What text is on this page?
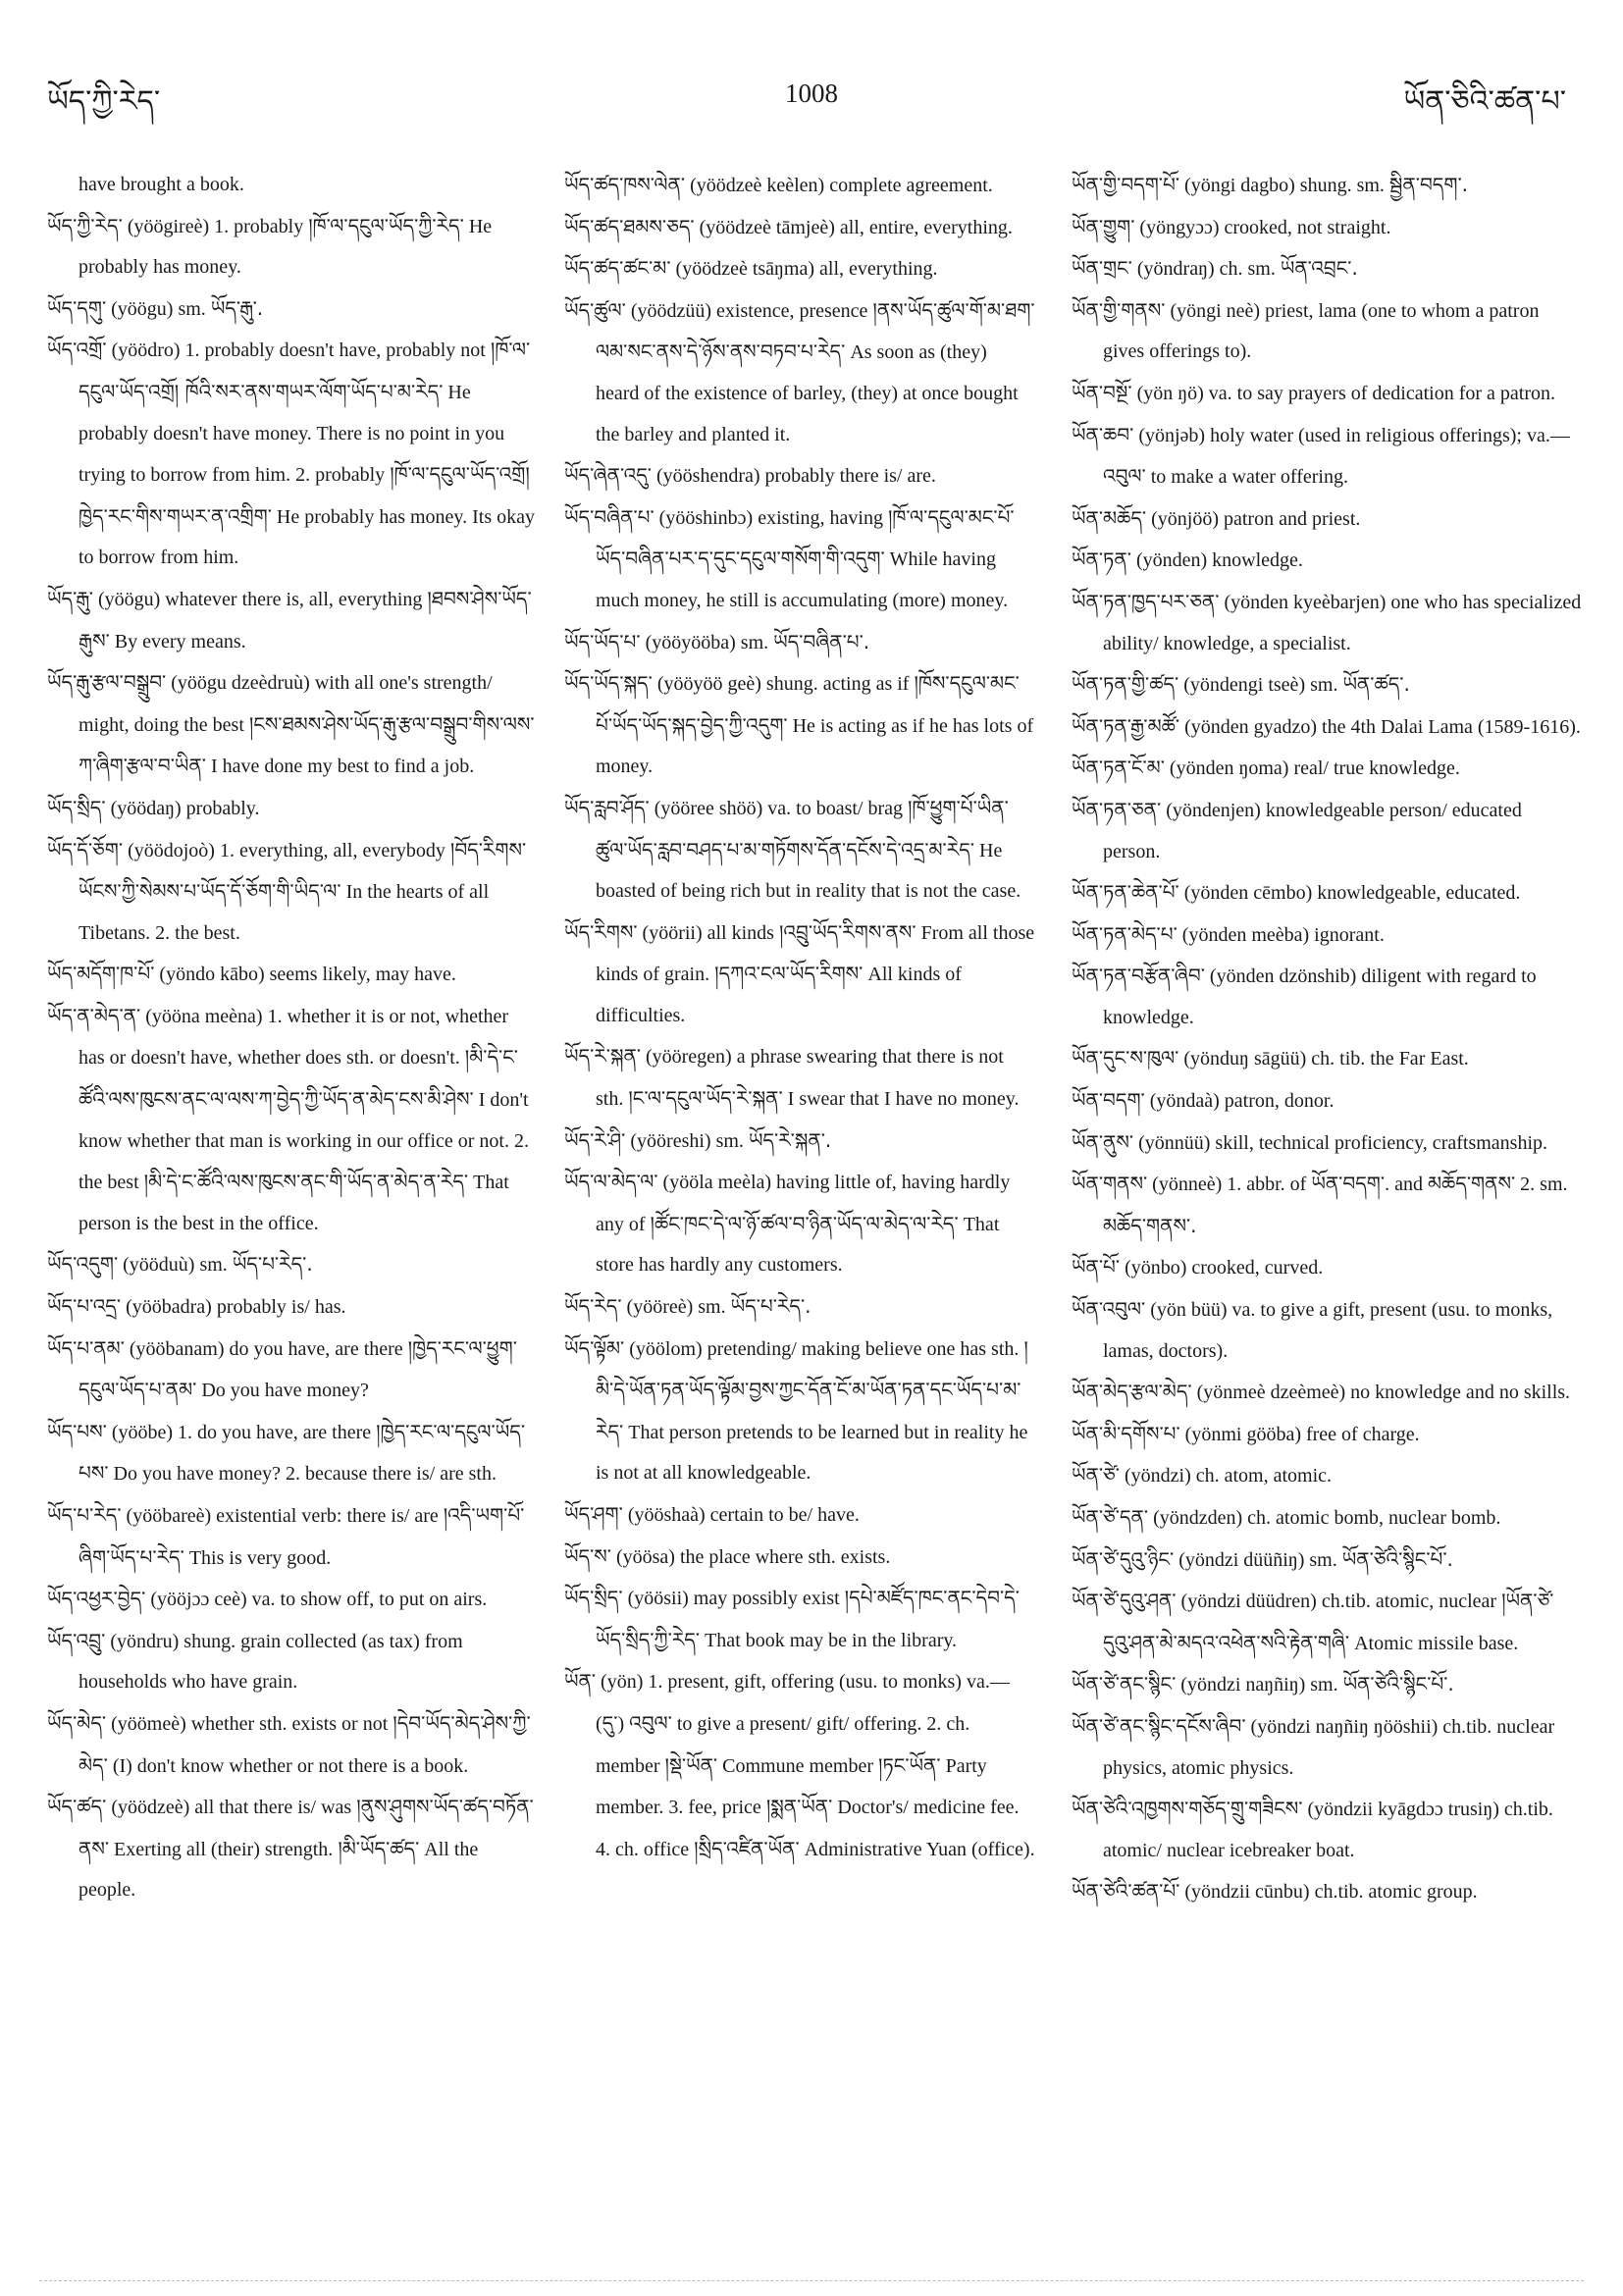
ཡོད་ཀྱི་རེད་	1008	ཡོན་ཅིའི་ཚན་པ་

have brought a book.

ཡོད་ཀྱི་རེད་ (yöögireè) 1. probably །ཁོ་ལ་དངུལ་ཡོད་ཀྱི་རེད་ He probably has money.

ཡོད་དགུ་ (yöögu) sm. ཡོད་རྒུ་.

ཡོད་འགྲོ་ (yöödro) 1. probably doesn't have, probably not །ཁོ་ལ་དངུལ་ཡོད་འགྲོ། ཁོའི་སར་ནས་གཡར་ལོག་ཡོད་པ་མ་རེད་ He probably doesn't have money. There is no point in you trying to borrow from him. 2. probably །ཁོ་ལ་དངུལ་ཡོད་འགྲོ། ཁྱེད་རང་གིས་གཡར་ན་འགྲིག་ He probably has money. Its okay to borrow from him.

ཡོད་རྒུ་ (yöögu) whatever there is, all, everything །ཐབས་ཤེས་ཡོད་རྒུས་ By every means.

ཡོད་རྒུ་རྩལ་བསྒྲུབ་ (yöögu dzeèdruù) with all one's strength/ might, doing the best །ངས་ཐམས་ཤེས་ཡོད་རྒུ་རྩལ་བསྒྲུབ་གིས་ལས་ཀ་ཞིག་རྩལ་བ་ཡིན་ I have done my best to find a job.

ཡོད་སྲིད་ (yöödaŋ) probably.

ཡོད་དོ་ཅོག་ (yöödojoò) 1. everything, all, everybody །བོད་རིགས་ཡོངས་ཀྱི་སེམས་པ་ཡོད་དོ་ཅོག་གི་ཡིད་ལ་ In the hearts of all Tibetans. 2. the best.

ཡོད་མདོག་ཁ་པོ་ (yöndo kābo) seems likely, may have.

ཡོད་ན་མེད་ན་ (yööna meèna) 1. whether it is or not, whether has or doesn't have, whether does sth. or doesn't. །མི་དེ་ང་ཚོའི་ལས་ཁུངས་ནང་ལ་ལས་ཀ་བྱེད་ཀྱི་ཡོད་ན་མེད་ངས་མི་ཤེས་ I don't know whether that man is working in our office or not. 2. the best །མི་དེ་ང་ཚོའི་ལས་ཁུངས་ནང་གི་ཡོད་ན་མེད་ན་རེད་ That person is the best in the office.

ཡོད་འདུག་ (yööduù) sm. ཡོད་པ་རེད་.

ཡོད་པ་འདྲ་ (yööbadra) probably is/ has.

ཡོད་པ་ནམ་ (yööbanam) do you have, are there །ཁྱེད་རང་ལ་ཕྱུག་དངུལ་ཡོད་པ་ནམ་ Do you have money?

ཡོད་པས་ (yööbe) 1. do you have, are there །ཁྱེད་རང་ལ་དངུལ་ཡོད་པས་ Do you have money? 2. because there is/ are sth.

ཡོད་པ་རེད་ (yööbareè) existential verb: there is/ are །འདི་ཡག་པོ་ཞིག་ཡོད་པ་རེད་ This is very good.

ཡོད་འཕྱར་བྱེད་ (yööjɔɔ ceè) va. to show off, to put on airs.

ཡོད་འབྲུ་ (yöndru) shung. grain collected (as tax) from households who have grain.

ཡོད་མེད་ (yöömeè) whether sth. exists or not །དེབ་ཡོད་མེད་ཤེས་ཀྱི་མེད་ (I) don't know whether or not there is a book.

ཡོད་ཚད་ (yöödzeè) all that there is/ was །ནུས་ཤུགས་ཡོད་ཚད་བཏོན་ནས་ Exerting all (their) strength. །མི་ཡོད་ཚད་ All the people.

ཡོད་ཚད་ཁས་ལེན་ (yöödzeè keèlen) complete agreement.

ཡོད་ཚད་ཐམས་ཅད་ (yöödzeè tāmjeè) all, entire, everything.

ཡོད་ཚད་ཚང་མ་ (yöödzeè tsāŋma) all, everything.

ཡོད་ཚུལ་ (yöödzüü) existence, presence །ནས་ཡོད་ཚུལ་གོ་མ་ཐག་ལམ་སང་ནས་དེ་ཉོས་ནས་བཏབ་པ་རེད་ As soon as (they) heard of the existence of barley, (they) at once bought the barley and planted it.

ཡོད་ཞེན་འདུ་ (yööshendra) probably there is/ are.

ཡོད་བཞིན་པ་ (yööshinbɔ) existing, having །ཁོ་ལ་དངུལ་མང་པོ་ཡོད་བཞིན་པར་ད་དུང་དངུལ་གསོག་གི་འདུག་ While having much money, he still is accumulating (more) money.

ཡོད་ཡོད་པ་ (yööyööba) sm. ཡོད་བཞིན་པ་.

ཡོད་ཡོད་སྐད་ (yööyöö geè) shung. acting as if །ཁོས་དངུལ་མང་པོ་ཡོད་ཡོད་སྐད་བྱེད་ཀྱི་འདུག་ He is acting as if he has lots of money.

ཡོད་རླབ་ཤོད་ (yööree shöö) va. to boast/ brag །ཁོ་ཕྱུག་པོ་ཡིན་ཚུལ་ཡོད་རླབ་བཤད་པ་མ་གཏོགས་དོན་དངོས་དེ་འདྲ་མ་རེད་ He boasted of being rich but in reality that is not the case.

ཡོད་རིགས་ (yöörii) all kinds །འབྲུ་ཡོད་རིགས་ནས་ From all those kinds of grain. །དཀའ་ངལ་ཡོད་རིགས་ All kinds of difficulties.

ཡོད་རེ་སྐན་ (yööregen) a phrase swearing that there is not sth. །ང་ལ་དངུལ་ཡོད་རེ་སྐན་ I swear that I have no money.

ཡོད་རེ་ཤི་ (yööreshi) sm. ཡོད་རེ་སྐན་.

ཡོད་ལ་མེད་ལ་ (yööla meèla) having little of, having hardly any of །ཚོང་ཁང་དེ་ལ་ཉོ་ཚལ་བ་ཉིན་ཡོད་ལ་མེད་ལ་རེད་ That store has hardly any customers.

ཡོད་རེད་ (yööreè) sm. ཡོད་པ་རེད་.

ཡོད་ལྟོམ་ (yöölom) pretending/ making believe one has sth. །མི་དེ་ཡོན་ཏན་ཡོད་ལྟོམ་བྱས་ཀྱང་དོན་ངོ་མ་ཡོན་ཏན་དང་ཡོད་པ་མ་རེད་ That person pretends to be learned but in reality he is not at all knowledgeable.

ཡོད་ཤག་ (yööshaà) certain to be/ have.

ཡོད་ས་ (yöösa) the place where sth. exists.

ཡོད་སྲིད་ (yöösii) may possibly exist །དཔེ་མཛོད་ཁང་ནང་དེབ་དེ་ཡོད་སྲིད་ཀྱི་རེད་ That book may be in the library.

ཡོན་ (yön) 1. present, gift, offering (usu. to monks) va.—(དུ་) འབུལ་ to give a present/ gift/ offering. 2. ch. member །སྡེ་ཡོན་ Commune member །ཏང་ཡོན་ Party member. 3. fee, price །སྨན་ཡོན་ Doctor's/ medicine fee. 4. ch. office །སྲིད་འཛིན་ཡོན་ Administrative Yuan (office).

ཡོན་གྱི་བདག་པོ་ (yöngi dagbo) shung. sm. སྦྱིན་བདག་.

ཡོན་གྱུག་ (yöngyɔɔ) crooked, not straight.

ཡོན་གྲང་ (yöndraŋ) ch. sm. ཡོན་འབྲང་.

ཡོན་གྱི་གནས་ (yöngi neè) priest, lama (one to whom a patron gives offerings to).

ཡོན་བསྔོ་ (yön ŋö) va. to say prayers of dedication for a patron.

ཡོན་ཆབ་ (yönjəb) holy water (used in religious offerings); va.—འབུལ་ to make a water offering.

ཡོན་མཆོད་ (yönjöö) patron and priest.

ཡོན་ཏན་ (yönden) knowledge.

ཡོན་ཏན་ཁྱད་པར་ཅན་ (yönden kyeèbarjen) one who has specialized ability/ knowledge, a specialist.

ཡོན་ཏན་གྱི་ཚད་ (yöndengi tseè) sm. ཡོན་ཚད་.

ཡོན་ཏན་རྒྱ་མཚོ་ (yönden gyadzo) the 4th Dalai Lama (1589-1616).

ཡོན་ཏན་ངོ་མ་ (yönden ŋoma) real/ true knowledge.

ཡོན་ཏན་ཅན་ (yöndenjen) knowledgeable person/ educated person.

ཡོན་ཏན་ཆེན་པོ་ (yönden cēmbo) knowledgeable, educated.

ཡོན་ཏན་མེད་པ་ (yönden meèba) ignorant.

ཡོན་ཏན་བརྩོན་ཞིབ་ (yönden dzönshib) diligent with regard to knowledge.

ཡོན་དུང་ས་ཁུལ་ (yönduŋ sāgüü) ch. tib. the Far East.

ཡོན་བདག་ (yöndaà) patron, donor.

ཡོན་ནུས་ (yönnüü) skill, technical proficiency, craftsmanship.

ཡོན་གནས་ (yönneè) 1. abbr. of ཡོན་བདག་. and མཆོད་གནས་ 2. sm. མཆོད་གནས་.

ཡོན་པོ་ (yönbo) crooked, curved.

ཡོན་འབུལ་ (yön büü) va. to give a gift, present (usu. to monks, lamas, doctors).

ཡོན་མེད་རྩལ་མེད་ (yönmeè dzeèmeè) no knowledge and no skills.

ཡོན་མི་དགོས་པ་ (yönmi gööba) free of charge.

ཡོན་ཙེ་ (yöndzi) ch. atom, atomic.

ཡོན་ཙེ་དན་ (yöndzden) ch. atomic bomb, nuclear bomb.

ཡོན་ཙེ་དུའུ་ཉིང་ (yöndzi düüñiŋ) sm. ཡོན་ཙེའི་སྙིང་པོ་.

ཡོན་ཙེ་དུའུ་ཤན་ (yöndzi düüdren) ch.tib. atomic, nuclear །ཡོན་ཙེ་དུའུ་ཤན་མེ་མདའ་འཕེན་སའི་རྟེན་གཞི་ Atomic missile base.

ཡོན་ཙེ་ནང་སྙིང་ (yöndzi naŋñiŋ) sm. ཡོན་ཙེའི་སྙིང་པོ་.

ཡོན་ཙེ་ནང་སྙིང་དངོས་ཞིབ་ (yöndzi naŋñiŋ ŋööshii) ch.tib. nuclear physics, atomic physics.

ཡོན་ཙེའི་འཁྱགས་གཅོད་གྲུ་གཟིངས་ (yöndzii kyāgdɔɔ trusiŋ) ch.tib. atomic/ nuclear icebreaker boat.

ཡོན་ཙེའི་ཚན་པོ་ (yöndzii cūnbu) ch.tib. atomic group.
